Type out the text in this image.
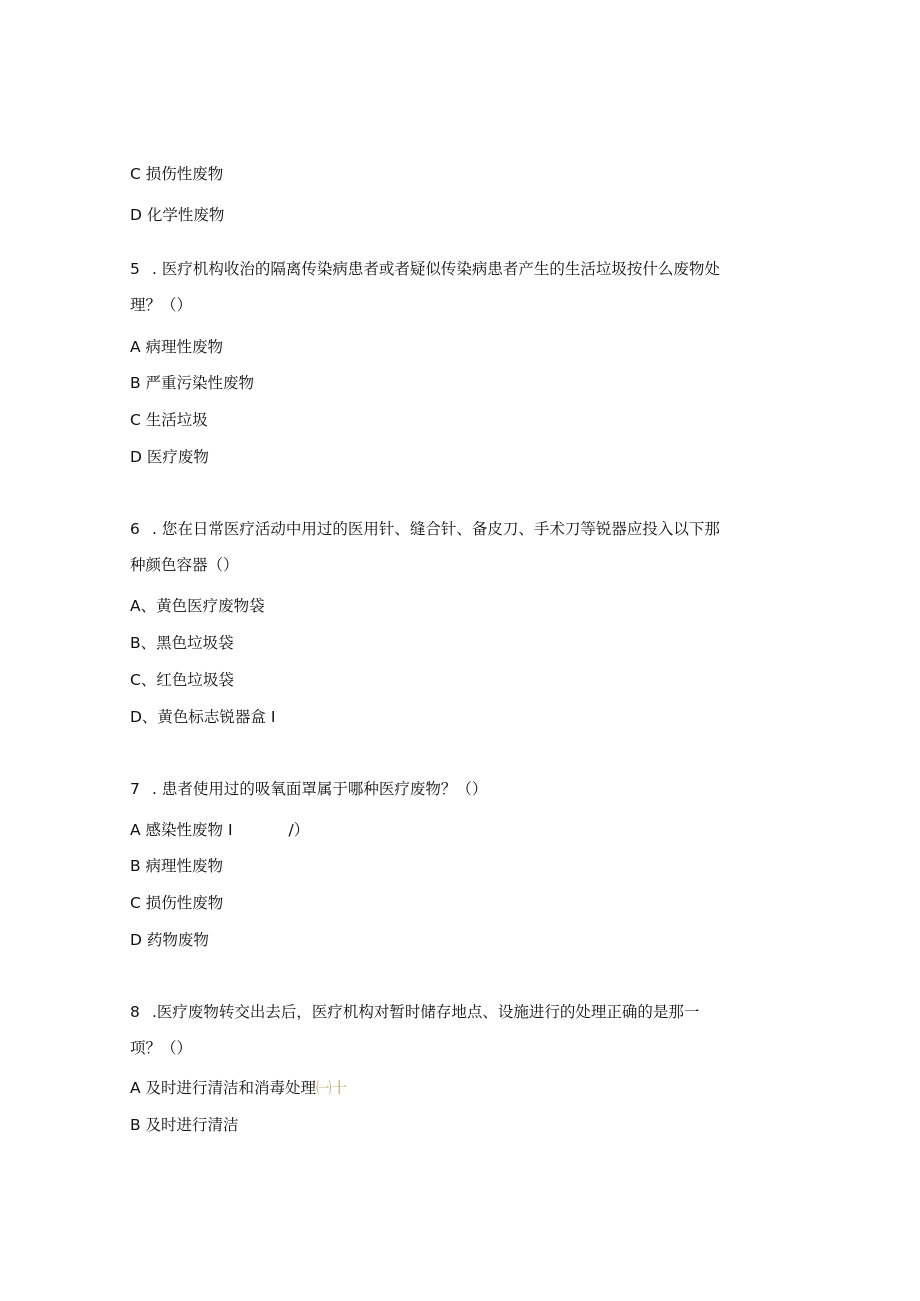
C 损伤性废物
D 化学性废物
5 . 医疗机构收治的隔离传染病患者或者疑似传染病患者产生的生活垃圾按什么废物处
理？（）
A 病理性废物
B 严重污染性废物
C 生活垃圾
D 医疗废物
6 . 您在日常医疗活动中用过的医用针、缝合针、备皮刀、手术刀等锐器应投入以下那
种颜色容器（）
A、黄色医疗废物袋
B、黑色垃圾袋
C、红色垃圾袋
D、黄色标志锐器盒 I
7 . 患者使用过的吸氧面罩属于哪种医疗废物？（）
A 感染性废物 I	/）
B 病理性废物
C 损伤性废物
D 药物废物
8 .医疗废物转交出去后，医疗机构对暂时储存地点、设施进行的处理正确的是那一
项？（）
A 及时进行清洁和消毒处理㈠十
B 及时进行清洁
